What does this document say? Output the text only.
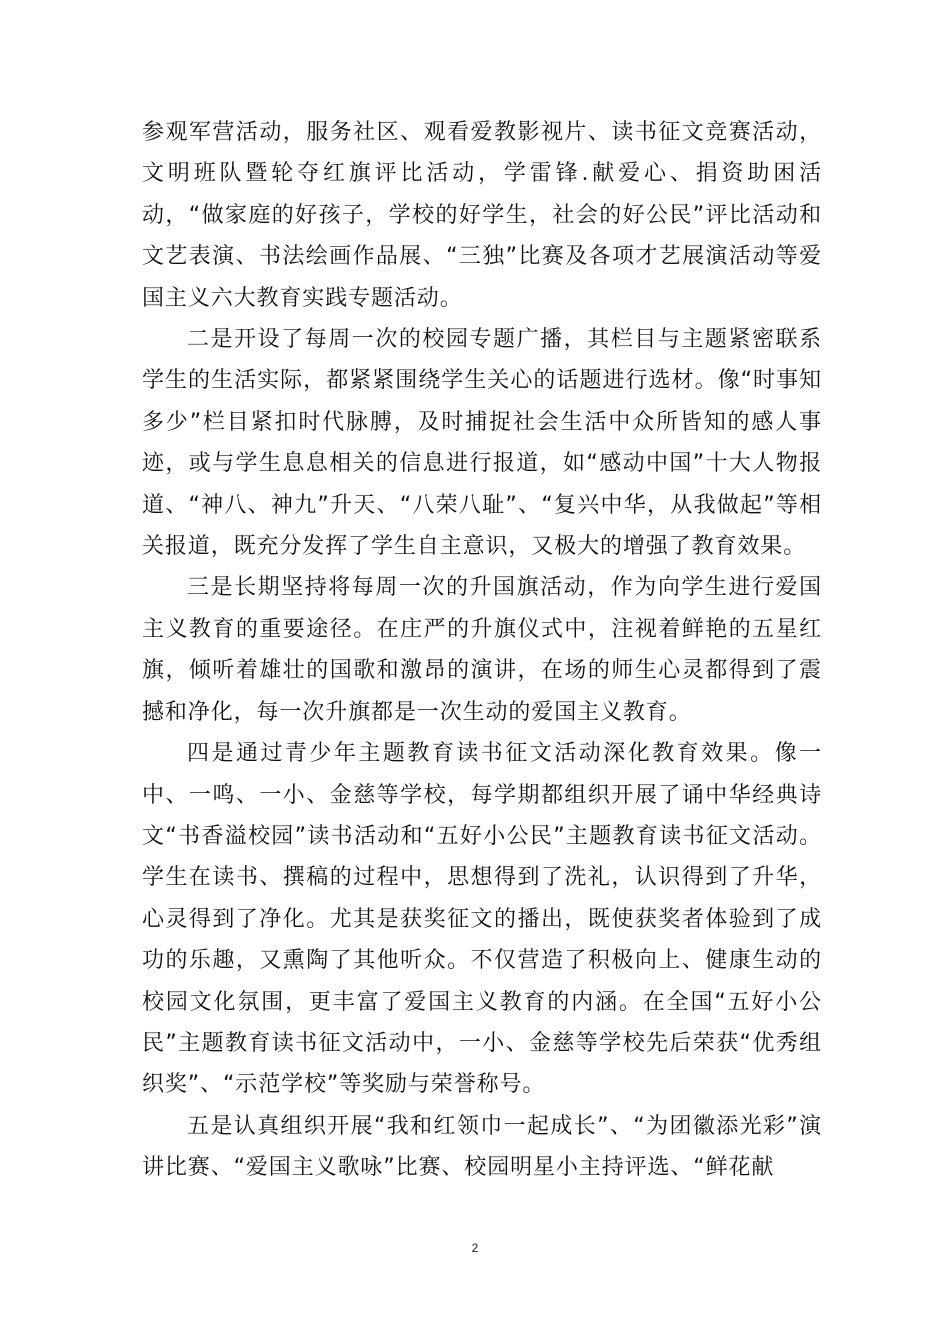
参观军营活动，服务社区、观看爱教影视片、读书征文竞赛活动，文明班队暨轮夺红旗评比活动，学雷锋.献爱心、捐资助困活动，“做家庭的好孩子，学校的好学生，社会的好公民”评比活动和文艺表演、书法绘画作品展、“三独”比赛及各项才艺展演活动等爱国主义六大教育实践专题活动。

二是开设了每周一次的校园专题广播，其栏目与主题紧密联系学生的生活实际，都紧紧围绕学生关心的话题进行选材。像“时事知多少”栏目紧扣时代脉膊，及时捕捉社会生活中众所皆知的感人事迹，或与学生息息相关的信息进行报道，如“感动中国”十大人物报道、“神八、神九”升天、“八荣八耻”、“复兴中华，从我做起”等相关报道，既充分发挥了学生自主意识，又极大的增强了教育效果。

三是长期坚持将每周一次的升国旗活动，作为向学生进行爱国主义教育的重要途径。在庄严的升旗仪式中，注视着鲜艳的五星红旗，倾听着雄壮的国歌和激昂的演讲，在场的师生心灵都得到了震撼和净化，每一次升旗都是一次生动的爱国主义教育。

四是通过青少年主题教育读书征文活动深化教育效果。像一中、一鸣、一小、金慈等学校，每学期都组织开展了诵中华经典诗文“书香溢校园”读书活动和“五好小公民”主题教育读书征文活动。学生在读书、撰稿的过程中，思想得到了洗礼，认识得到了升华，心灵得到了净化。尤其是获奖征文的播出，既使获奖者体验到了成功的乐趣，又熏陶了其他听众。不仅营造了积极向上、健康生动的校园文化氛围，更丰富了爱国主义教育的内涵。在全国“五好小公民”主题教育读书征文活动中，一小、金慈等学校先后荣获“优秀组织奖”、“示范学校”等奖励与荣誉称号。

五是认真组织开展“我和红领巾一起成长”、“为团徽添光彩”演讲比赛、“爱国主义歌咏”比赛、校园明星小主持评选、“鲜花献

2
